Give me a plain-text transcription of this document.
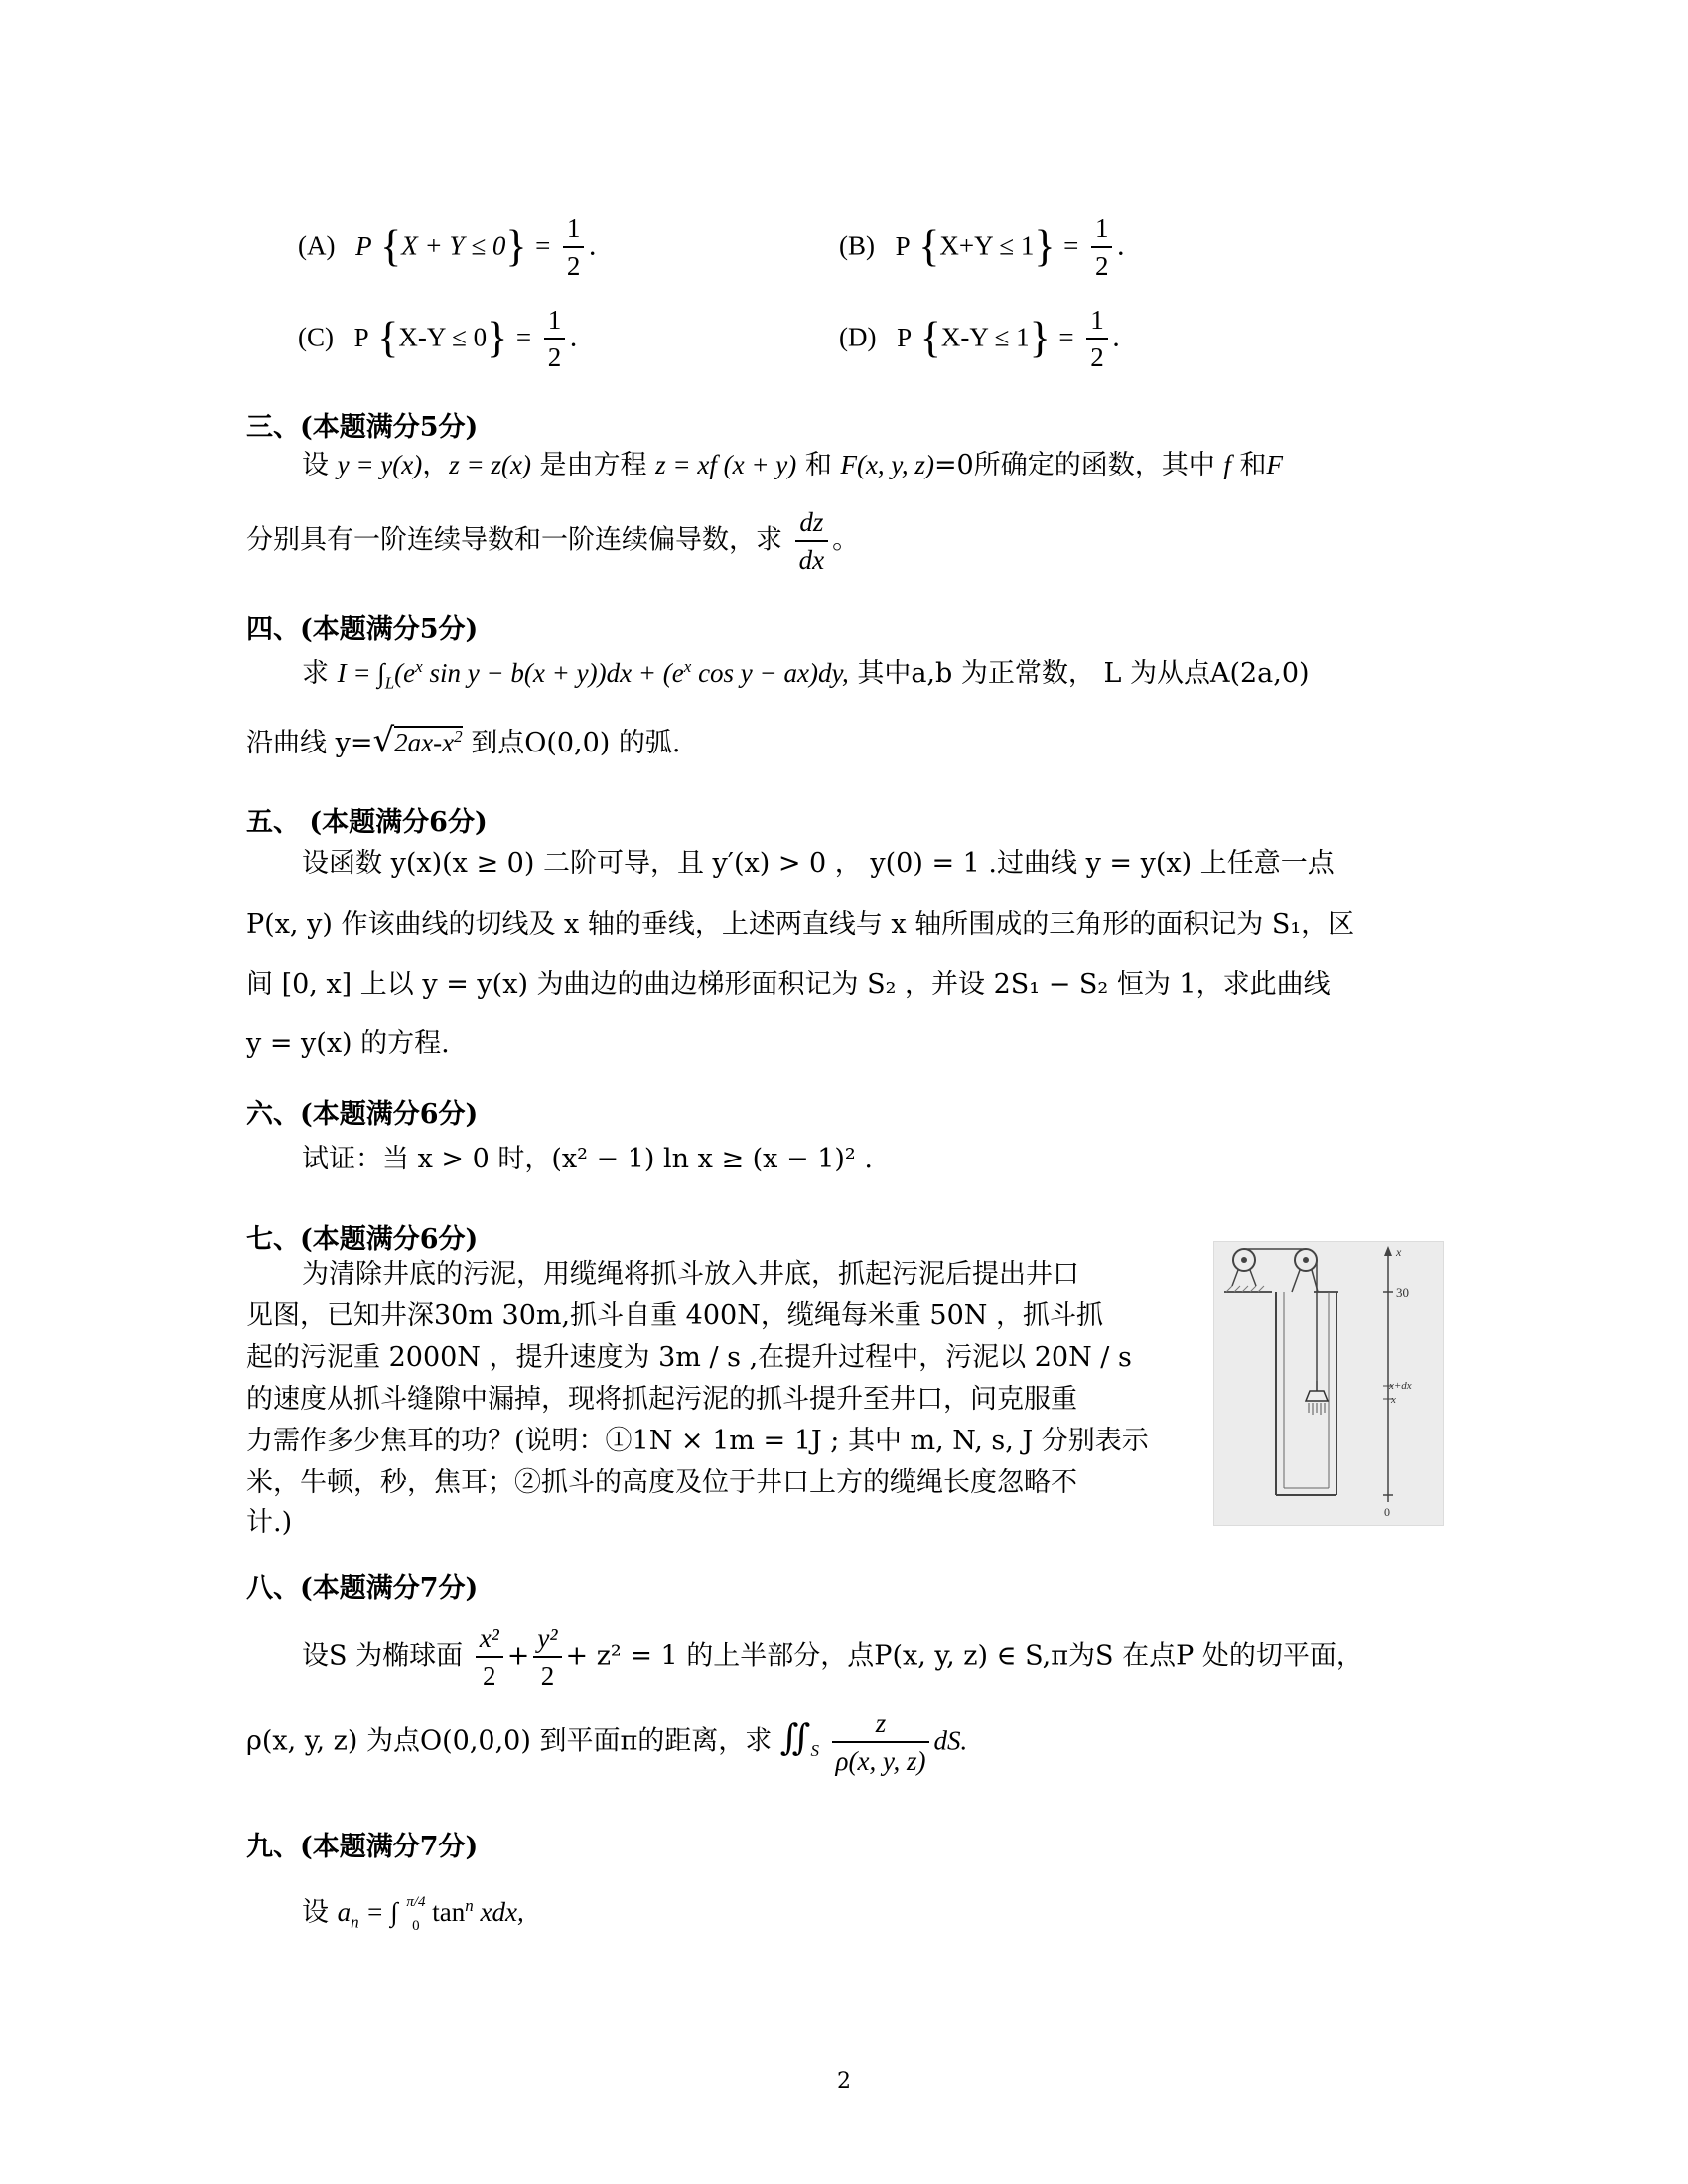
(A) P $\{X + Y \le 0\} = \frac{1}{2}$ .	(B) P $\{X+Y \le 1\} = \frac{1}{2}$ .
(C) P $\{X-Y \le 0\} = \frac{1}{2}$ .	(D) P $\{X-Y \le 1\} = \frac{1}{2}$ .
三、(本题满分5分)
设 y = y(x)，z = z(x) 是由方程 z = xf (x + y) 和 F(x, y, z)=0所确定的函数，其中 f 和F
分别具有一阶连续导数和一阶连续偏导数，求 $\frac{dz}{dx}$ 。
四、(本题满分5分)
求 $I = \int_L(e^x$ $\sin y - b(x + y))dx + (e^x$ cos y − ax)dy, 其中a,b 为正常数， L 为从点A(2a,0)
沿曲线 $y=√2ax-x^2$ 到点O(0,0) 的弧.
五、 (本题满分6分)
设函数 y(x)(x ≥ 0) 二阶可导，且 y′(x) > 0 ， y(0) = 1 .过曲线 y = y(x) 上任意一点
P(x, y) 作该曲线的切线及 x 轴的垂线，上述两直线与 x 轴所围成的三角形的面积记为 S₁，区
间 [0, x] 上以 y = y(x) 为曲边的曲边梯形面积记为 S₂ ，并设 2S₁ − S₂ 恒为 1，求此曲线
y = y(x) 的方程.
六、(本题满分6分)
试证：当 x > 0 时，(x² − 1) ln x ≥ (x − 1)² .
七、(本题满分6分)
为清除井底的污泥，用缆绳将抓斗放入井底，抓起污泥后提出井口
见图，已知井深30m 30m,抓斗自重 400N，缆绳每米重 50N ，抓斗抓
起的污泥重 2000N ，提升速度为 3m / s ,在提升过程中，污泥以 20N / s
的速度从抓斗缝隙中漏掉，现将抓起污泥的抓斗提升至井口，问克服重
力需作多少焦耳的功？(说明：①1N × 1m = 1J ; 其中 m, N, s, J 分别表示
米，牛顿，秒，焦耳；②抓斗的高度及位于井口上方的缆绳长度忽略不
计.)
x
30
x+dx
x
0
八、(本题满分7分)
设S 为椭球面 $\frac{\text{x²}}{2} + \frac{\text{y²}}{2} + z^2 = 1$ 的上半部分，点P(x, y, z) ∈ S,π为S 在点P 处的切平面，
ρ(x, y, z) 为点O(0,0,0) 到平面π的距离，求 $∬_S \frac{z}{\rho(x, y, z)}$ dS.
九、(本题满分7分)
设 $a_n$ = ∫ π/4
0 $\tan^n$ xdx,
2
